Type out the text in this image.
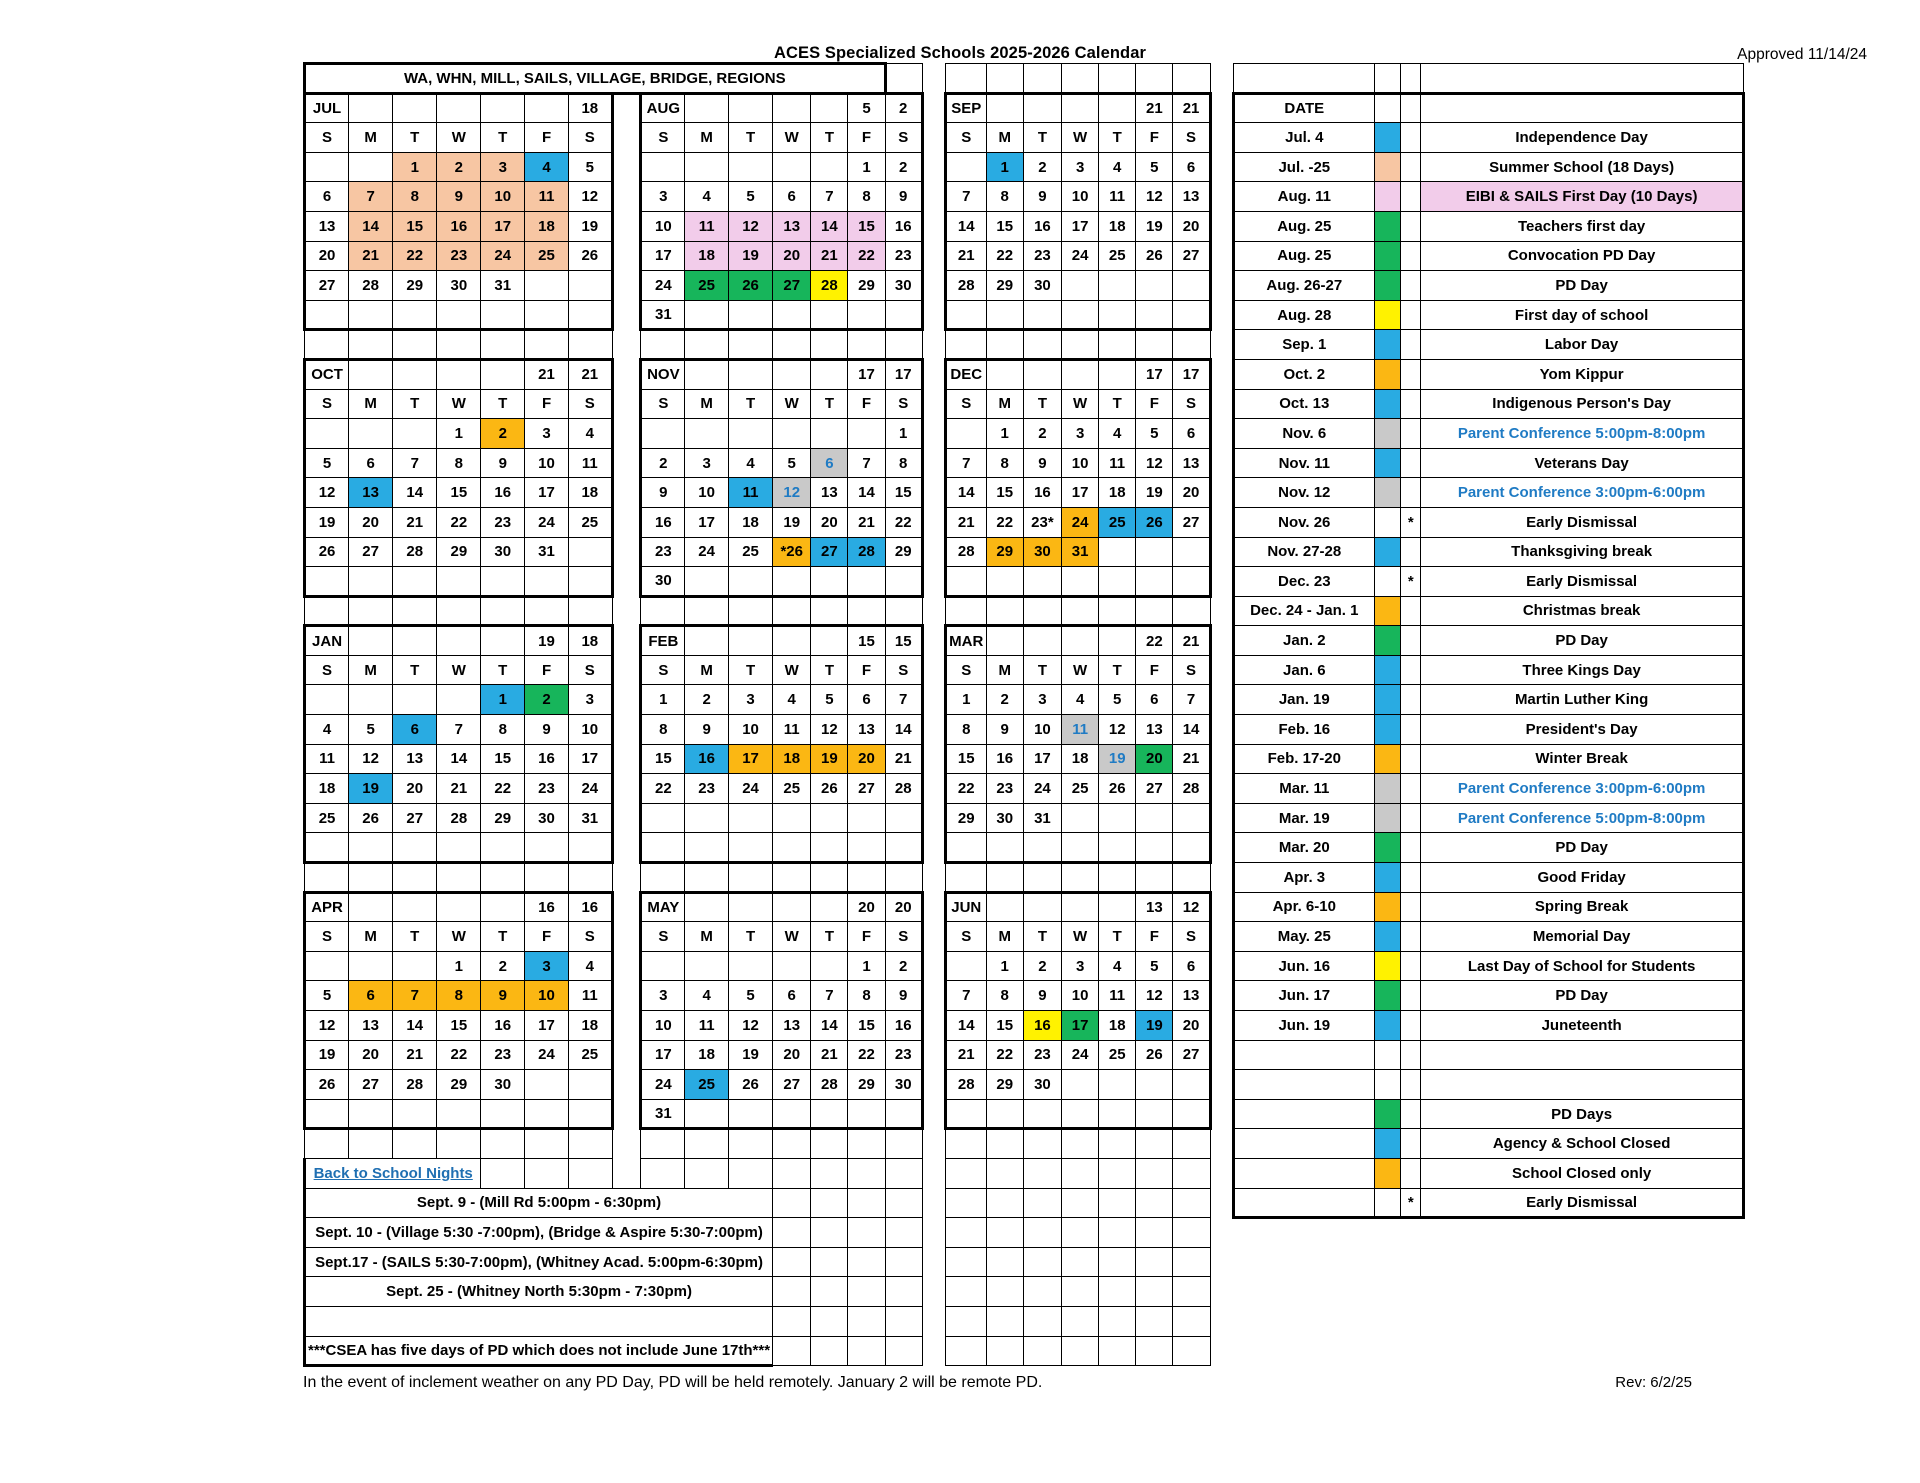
ACES Specialized Schools 2025-2026 Calendar	Approved 11/14/24
WA, WHN, MILL, SAILS, VILLAGE, BRIDGE, REGIONS																											
JUL						18		AUG					5	2		SEP					21	21		DATE			
S	M	T	W	T	F	S		S	M	T	W	T	F	S		S	M	T	W	T	F	S		Jul. 4			Independence Day
		1	2	3	4	5							1	2			1	2	3	4	5	6		Jul. -25			Summer School (18 Days)
6	7	8	9	10	11	12		3	4	5	6	7	8	9		7	8	9	10	11	12	13		Aug. 11			EIBI & SAILS First Day (10 Days)
13	14	15	16	17	18	19		10	11	12	13	14	15	16		14	15	16	17	18	19	20		Aug. 25			Teachers first day
20	21	22	23	24	25	26		17	18	19	20	21	22	23		21	22	23	24	25	26	27		Aug. 25			Convocation PD Day
27	28	29	30	31				24	25	26	27	28	29	30		28	29	30						Aug. 26-27			PD Day
								31																Aug. 28			First day of school
																								Sep. 1			Labor Day
OCT					21	21		NOV					17	17		DEC					17	17		Oct. 2			Yom Kippur
S	M	T	W	T	F	S		S	M	T	W	T	F	S		S	M	T	W	T	F	S		Oct. 13			Indigenous Person's Day
			1	2	3	4								1			1	2	3	4	5	6		Nov. 6			Parent Conference 5:00pm-8:00pm
5	6	7	8	9	10	11		2	3	4	5	6	7	8		7	8	9	10	11	12	13		Nov. 11			Veterans Day
12	13	14	15	16	17	18		9	10	11	12	13	14	15		14	15	16	17	18	19	20		Nov. 12			Parent Conference 3:00pm-6:00pm
19	20	21	22	23	24	25		16	17	18	19	20	21	22		21	22	23*	24	25	26	27		Nov. 26		*	Early Dismissal
26	27	28	29	30	31			23	24	25	*26	27	28	29		28	29	30	31					Nov. 27-28			Thanksgiving break
								30																Dec. 23		*	Early Dismissal
																								Dec. 24 - Jan. 1			Christmas break
JAN					19	18		FEB					15	15		MAR					22	21		Jan. 2			PD Day
S	M	T	W	T	F	S		S	M	T	W	T	F	S		S	M	T	W	T	F	S		Jan. 6			Three Kings Day
				1	2	3		1	2	3	4	5	6	7		1	2	3	4	5	6	7		Jan. 19			Martin Luther King
4	5	6	7	8	9	10		8	9	10	11	12	13	14		8	9	10	11	12	13	14		Feb. 16			President's Day
11	12	13	14	15	16	17		15	16	17	18	19	20	21		15	16	17	18	19	20	21		Feb. 17-20			Winter Break
18	19	20	21	22	23	24		22	23	24	25	26	27	28		22	23	24	25	26	27	28		Mar. 11			Parent Conference 3:00pm-6:00pm
25	26	27	28	29	30	31										29	30	31						Mar. 19			Parent Conference 5:00pm-8:00pm
																								Mar. 20			PD Day
																								Apr. 3			Good Friday
APR					16	16		MAY					20	20		JUN					13	12		Apr. 6-10			Spring Break
S	M	T	W	T	F	S		S	M	T	W	T	F	S		S	M	T	W	T	F	S		May. 25			Memorial Day
			1	2	3	4							1	2			1	2	3	4	5	6		Jun. 16			Last Day of School for Students
5	6	7	8	9	10	11		3	4	5	6	7	8	9		7	8	9	10	11	12	13		Jun. 17			PD Day
12	13	14	15	16	17	18		10	11	12	13	14	15	16		14	15	16	17	18	19	20		Jun. 19			Juneteenth
19	20	21	22	23	24	25		17	18	19	20	21	22	23		21	22	23	24	25	26	27					
26	27	28	29	30				24	25	26	27	28	29	30		28	29	30									
								31																			PD Days
																											Agency & School Closed
Back to School Nights																											School Closed only
Sept. 9 - (Mill Rd 5:00pm - 6:30pm)																										*	Early Dismissal
Sept. 10 - (Village 5:30 -7:00pm), (Bridge & Aspire 5:30-7:00pm)																											
Sept.17 - (SAILS 5:30-7:00pm), (Whitney Acad. 5:00pm-6:30pm)																											
Sept. 25 - (Whitney North 5:30pm - 7:30pm)																											

***CSEA has five days of PD which does not include June 17th***																											
In the event of inclement weather on any PD Day, PD will be held remotely. January 2 will be remote PD.	Rev: 6/2/25
